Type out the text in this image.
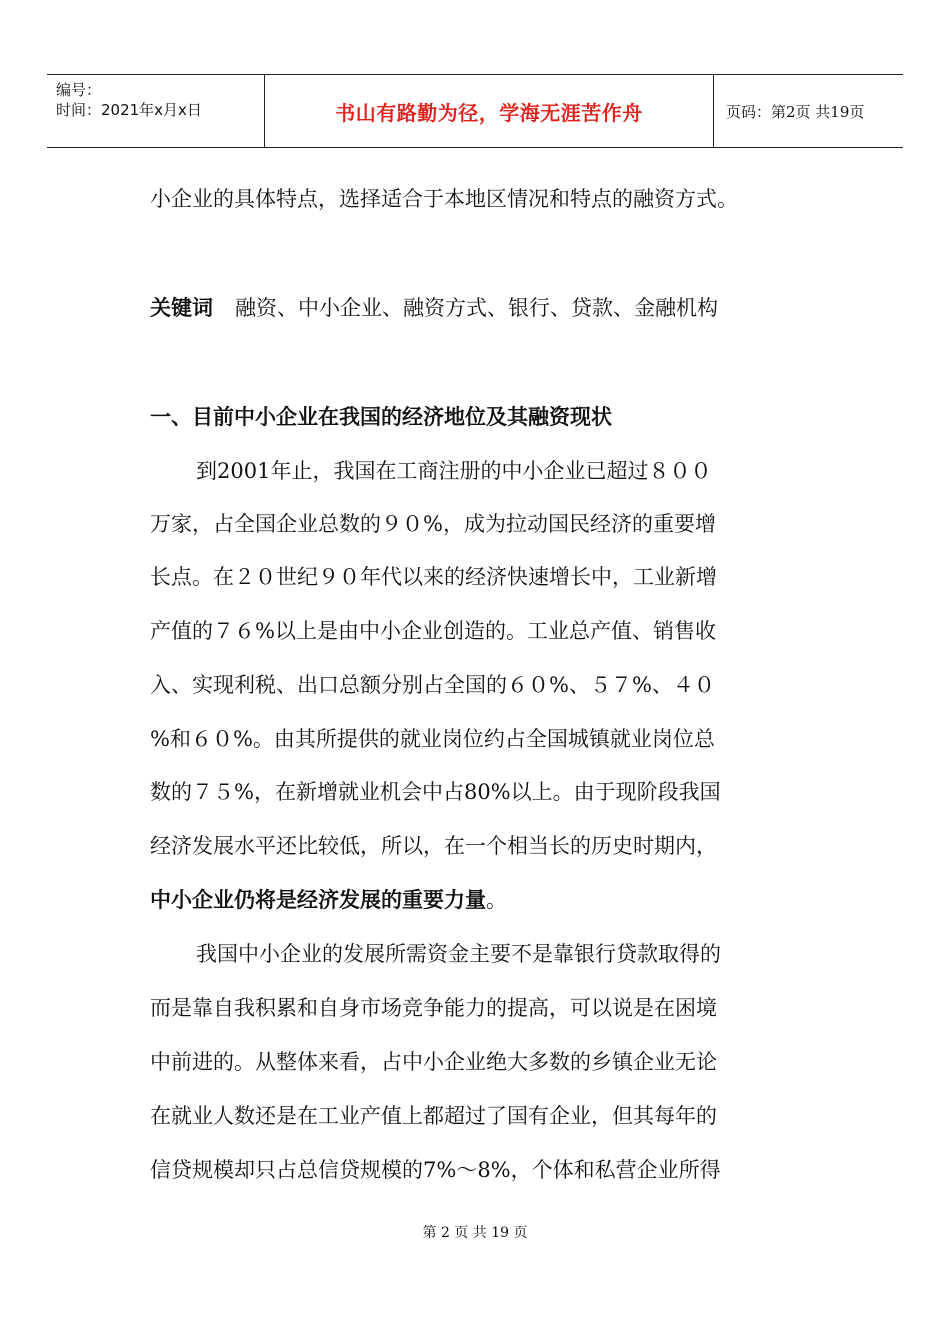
编号：
时间：2021年x月x日	书山有路勤为径，学海无涯苦作舟	页码：第2页 共19页
小企业的具体特点，选择适合于本地区情况和特点的融资方式。
关键词 融资、中小企业、融资方式、银行、贷款、金融机构
一、目前中小企业在我国的经济地位及其融资现状
到2001年止，我国在工商注册的中小企业已超过８００
万家，占全国企业总数的９０%，成为拉动国民经济的重要增
长点。在２０世纪９０年代以来的经济快速增长中，工业新增
产值的７６%以上是由中小企业创造的。工业总产值、销售收
入、实现利税、出口总额分别占全国的６０%、５７%、４０
%和６０%。由其所提供的就业岗位约占全国城镇就业岗位总
数的７５%，在新增就业机会中占80%以上。由于现阶段我国
经济发展水平还比较低，所以，在一个相当长的历史时期内，
中小企业仍将是经济发展的重要力量。
我国中小企业的发展所需资金主要不是靠银行贷款取得的
而是靠自我积累和自身市场竞争能力的提高，可以说是在困境
中前进的。从整体来看，占中小企业绝大多数的乡镇企业无论
在就业人数还是在工业产值上都超过了国有企业，但其每年的
信贷规模却只占总信贷规模的7%～8%，个体和私营企业所得
第 2 页 共 19 页
